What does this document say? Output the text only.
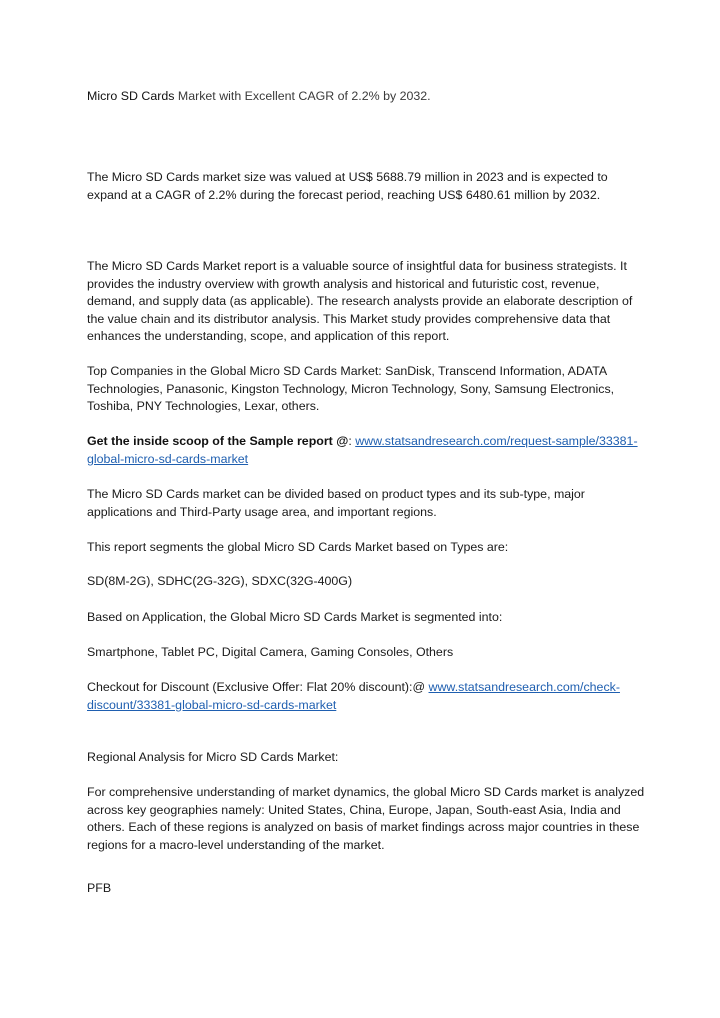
Micro SD Cards Market with Excellent CAGR of 2.2% by 2032.

The Micro SD Cards market size was valued at US$ 5688.79 million in 2023 and is expected to expand at a CAGR of 2.2% during the forecast period, reaching US$ 6480.61 million by 2032.

The Micro SD Cards Market report is a valuable source of insightful data for business strategists. It provides the industry overview with growth analysis and historical and futuristic cost, revenue, demand, and supply data (as applicable). The research analysts provide an elaborate description of the value chain and its distributor analysis. This Market study provides comprehensive data that enhances the understanding, scope, and application of this report.

Top Companies in the Global Micro SD Cards Market: SanDisk, Transcend Information, ADATA Technologies, Panasonic, Kingston Technology, Micron Technology, Sony, Samsung Electronics, Toshiba, PNY Technologies, Lexar, others.

Get the inside scoop of the Sample report @: www.statsandresearch.com/request-sample/33381-global-micro-sd-cards-market

The Micro SD Cards market can be divided based on product types and its sub-type, major applications and Third-Party usage area, and important regions.

This report segments the global Micro SD Cards Market based on Types are:

SD(8M-2G), SDHC(2G-32G), SDXC(32G-400G)

Based on Application, the Global Micro SD Cards Market is segmented into:

Smartphone, Tablet PC, Digital Camera, Gaming Consoles, Others

Checkout for Discount (Exclusive Offer: Flat 20% discount):@ www.statsandresearch.com/check-discount/33381-global-micro-sd-cards-market

Regional Analysis for Micro SD Cards Market:

For comprehensive understanding of market dynamics, the global Micro SD Cards market is analyzed across key geographies namely: United States, China, Europe, Japan, South-east Asia, India and others. Each of these regions is analyzed on basis of market findings across major countries in these regions for a macro-level understanding of the market.

PFB
